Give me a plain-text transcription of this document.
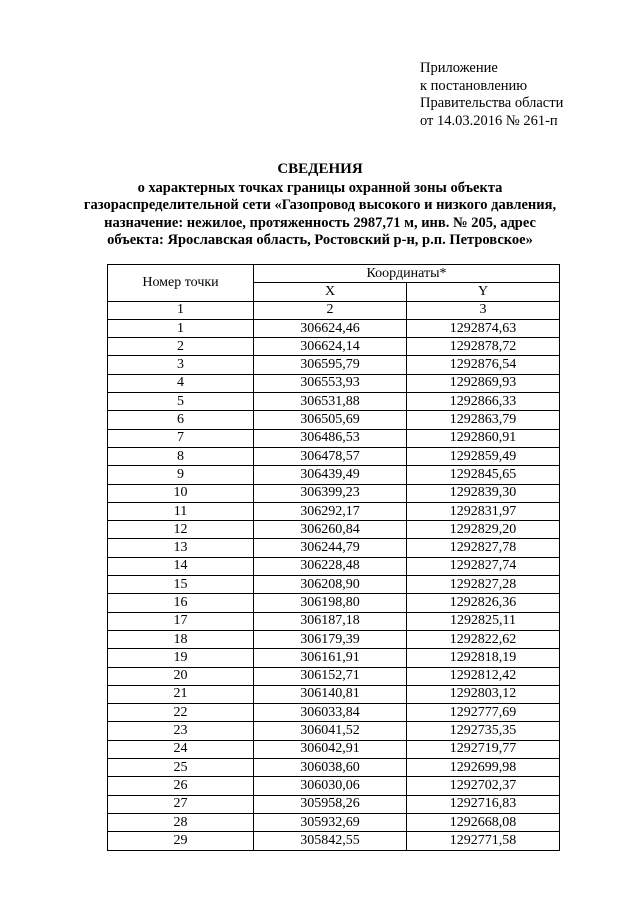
Приложение
к постановлению
Правительства области
от 14.03.2016 № 261-п
СВЕДЕНИЯ
о характерных точках границы охранной зоны объекта
газораспределительной сети «Газопровод высокого и низкого давления,
назначение: нежилое, протяженность 2987,71 м, инв. № 205, адрес
объекта: Ярославская область, Ростовский р-н, р.п. Петровское»
Номер точки	Координаты*	
	X	Y
1	2	3
1	306624,46	1292874,63
2	306624,14	1292878,72
3	306595,79	1292876,54
4	306553,93	1292869,93
5	306531,88	1292866,33
6	306505,69	1292863,79
7	306486,53	1292860,91
8	306478,57	1292859,49
9	306439,49	1292845,65
10	306399,23	1292839,30
11	306292,17	1292831,97
12	306260,84	1292829,20
13	306244,79	1292827,78
14	306228,48	1292827,74
15	306208,90	1292827,28
16	306198,80	1292826,36
17	306187,18	1292825,11
18	306179,39	1292822,62
19	306161,91	1292818,19
20	306152,71	1292812,42
21	306140,81	1292803,12
22	306033,84	1292777,69
23	306041,52	1292735,35
24	306042,91	1292719,77
25	306038,60	1292699,98
26	306030,06	1292702,37
27	305958,26	1292716,83
28	305932,69	1292668,08
29	305842,55	1292771,58
